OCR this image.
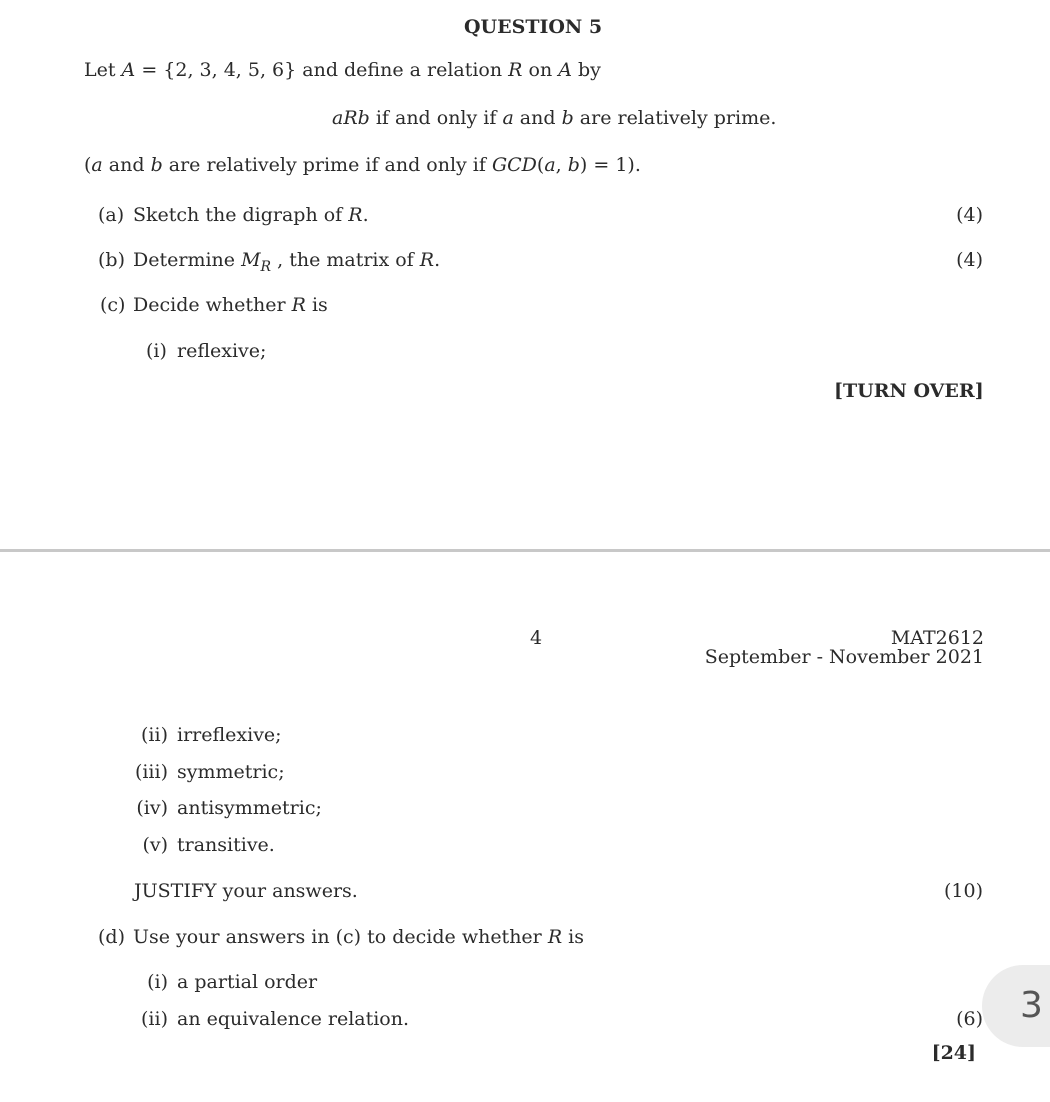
QUESTION 5
Let A = {2, 3, 4, 5, 6} and define a relation R on A by
aRb if and only if a and b are relatively prime.
(a and b are relatively prime if and only if GCD(a, b) = 1).
(a) Sketch the digraph of R.	(4)
(b) Determine $M_R$ , the matrix of R.	(4)
(c) Decide whether R is
(i) reflexive;
[TURN OVER]
4	MAT2612
September - November 2021
(ii) irreflexive;
(iii) symmetric;
(iv) antisymmetric;
(v) transitive.
JUSTIFY your answers.	(10)
(d) Use your answers in (c) to decide whether R is
(i) a partial order
(ii) an equivalence relation.	(6)
[24]
3
